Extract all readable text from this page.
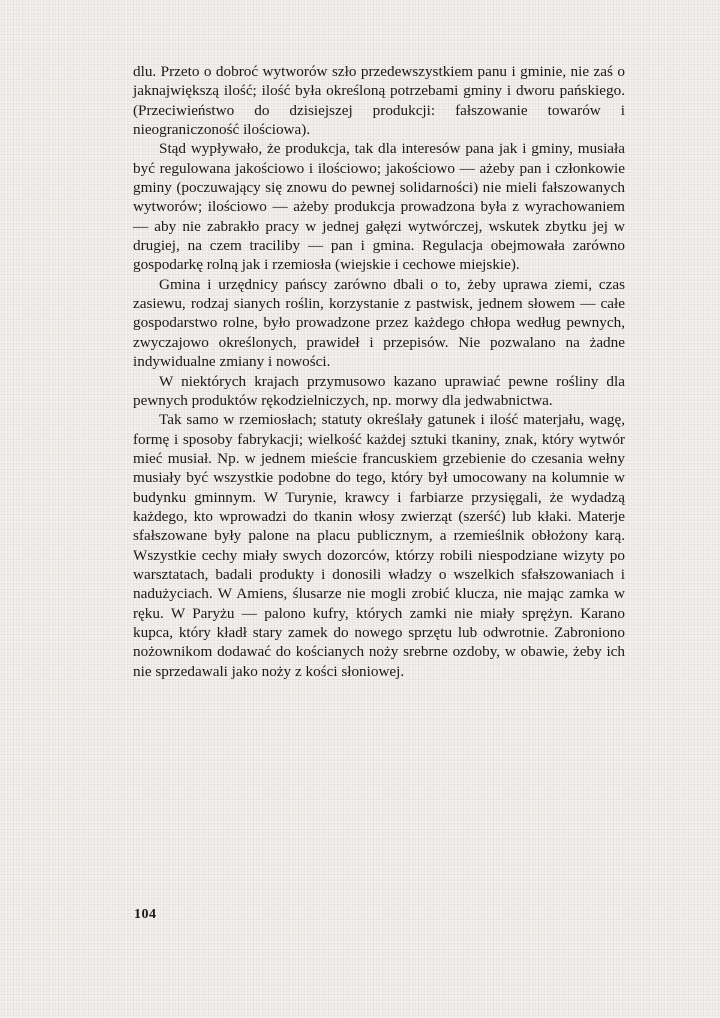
dlu. Przeto o dobroć wytworów szło przedewszystkiem panu i gminie, nie zaś o jaknajwiększą ilość; ilość była określoną potrzebami gminy i dworu pańskiego. (Przeciwieństwo do dzisiejszej produkcji: fałszowanie towarów i nieograniczoność ilościowa).

Stąd wypływało, że produkcja, tak dla interesów pana jak i gminy, musiała być regulowana jakościowo i ilościowo; jakościowo — ażeby pan i członkowie gminy (poczuwający się znowu do pewnej solidarności) nie mieli fałszowanych wytworów; ilościowo — ażeby produkcja prowadzona była z wyrachowaniem — aby nie zabrakło pracy w jednej gałęzi wytwórczej, wskutek zbytku jej w drugiej, na czem traciliby — pan i gmina. Regulacja obejmowała zarówno gospodarkę rolną jak i rzemiosła (wiejskie i cechowe miejskie).

Gmina i urzędnicy pańscy zarówno dbali o to, żeby uprawa ziemi, czas zasiewu, rodzaj sianych roślin, korzystanie z pastwisk, jednem słowem — całe gospodarstwo rolne, było prowadzone przez każdego chłopa według pewnych, zwyczajowo określonych, prawideł i przepisów. Nie pozwalano na żadne indywidualne zmiany i nowości.

W niektórych krajach przymusowo kazano uprawiać pewne rośliny dla pewnych produktów rękodzielniczych, np. morwy dla jedwabnictwa.

Tak samo w rzemiosłach; statuty określały gatunek i ilość materjału, wagę, formę i sposoby fabrykacji; wielkość każdej sztuki tkaniny, znak, który wytwór mieć musiał. Np. w jednem mieście francuskiem grzebienie do czesania wełny musiały być wszystkie podobne do tego, który był umocowany na kolumnie w budynku gminnym. W Turynie, krawcy i farbiarze przysięgali, że wydadzą każdego, kto wprowadzi do tkanin włosy zwierząt (szerść) lub kłaki. Materje sfałszowane były palone na placu publicznym, a rzemieślnik obłożony karą. Wszystkie cechy miały swych dozorców, którzy robili niespodziane wizyty po warsztatach, badali produkty i donosili władzy o wszelkich sfałszowaniach i nadużyciach. W Amiens, ślusarze nie mogli zrobić klucza, nie mając zamka w ręku. W Paryżu — palono kufry, których zamki nie miały sprężyn. Karano kupca, który kładł stary zamek do nowego sprzętu lub odwrotnie. Zabroniono nożownikom dodawać do kościanych noży srebrne ozdoby, w obawie, żeby ich nie sprzedawali jako noży z kości słoniowej.

104
